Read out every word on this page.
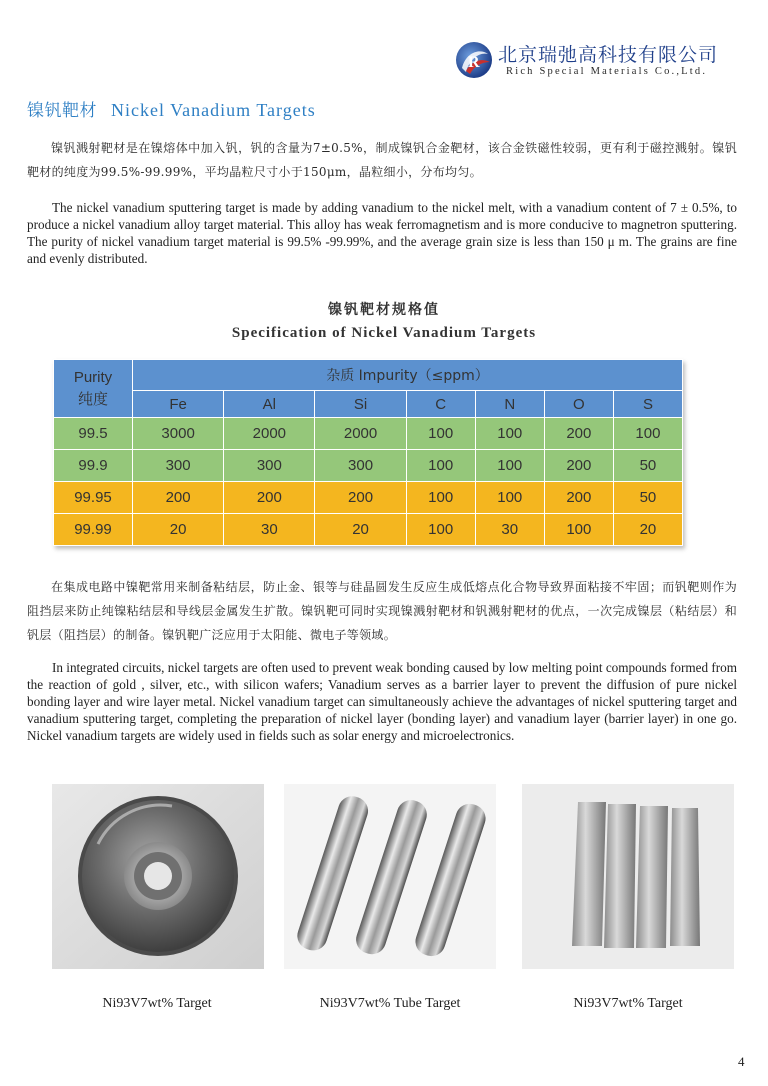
R 北京瑞弛高科技有限公司
Rich Special Materials Co.,Ltd.
镍钒靶材 Nickel Vanadium Targets
镍钒溅射靶材是在镍熔体中加入钒，钒的含量为7±0.5%，制成镍钒合金靶材，该合金铁磁性较弱，更有利于磁控溅射。镍钒靶材的纯度为99.5%-99.99%，平均晶粒尺寸小于150μm，晶粒细小，分布均匀。
The nickel vanadium sputtering target is made by adding vanadium to the nickel melt, with a vanadium content of 7 ± 0.5%, to produce a nickel vanadium alloy target material. This alloy has weak ferromagnetism and is more conducive to magnetron sputtering. The purity of nickel vanadium target material is 99.5% -99.99%, and the average grain size is less than 150 μ m. The grains are fine and evenly distributed.
镍钒靶材规格值
Specification of Nickel Vanadium Targets
Purity
纯度	杂质 Impurity（≤ppm）						
	Fe	Al	Si	C	N	O	S
99.5	3000	2000	2000	100	100	200	100
99.9	300	300	300	100	100	200	50
99.95	200	200	200	100	100	200	50
99.99	20	30	20	100	30	100	20
在集成电路中镍靶常用来制备粘结层，防止金、银等与硅晶圆发生反应生成低熔点化合物导致界面粘接不牢固；而钒靶则作为阻挡层来防止纯镍粘结层和导线层金属发生扩散。镍钒靶可同时实现镍溅射靶材和钒溅射靶材的优点，一次完成镍层（粘结层）和钒层（阻挡层）的制备。镍钒靶广泛应用于太阳能、微电子等领域。
In integrated circuits, nickel targets are often used to prevent weak bonding caused by low melting point compounds formed from the reaction of gold , silver, etc., with silicon wafers; Vanadium serves as a barrier layer to prevent the diffusion of pure nickel bonding layer and wire layer metal. Nickel vanadium target can simultaneously achieve the advantages of nickel sputtering target and vanadium sputtering target, completing the preparation of nickel layer (bonding layer) and vanadium layer (barrier layer) in one go. Nickel vanadium targets are widely used in fields such as solar energy and microelectronics.
Ni93V7wt% Target	Ni93V7wt% Tube Target	Ni93V7wt% Target
4
